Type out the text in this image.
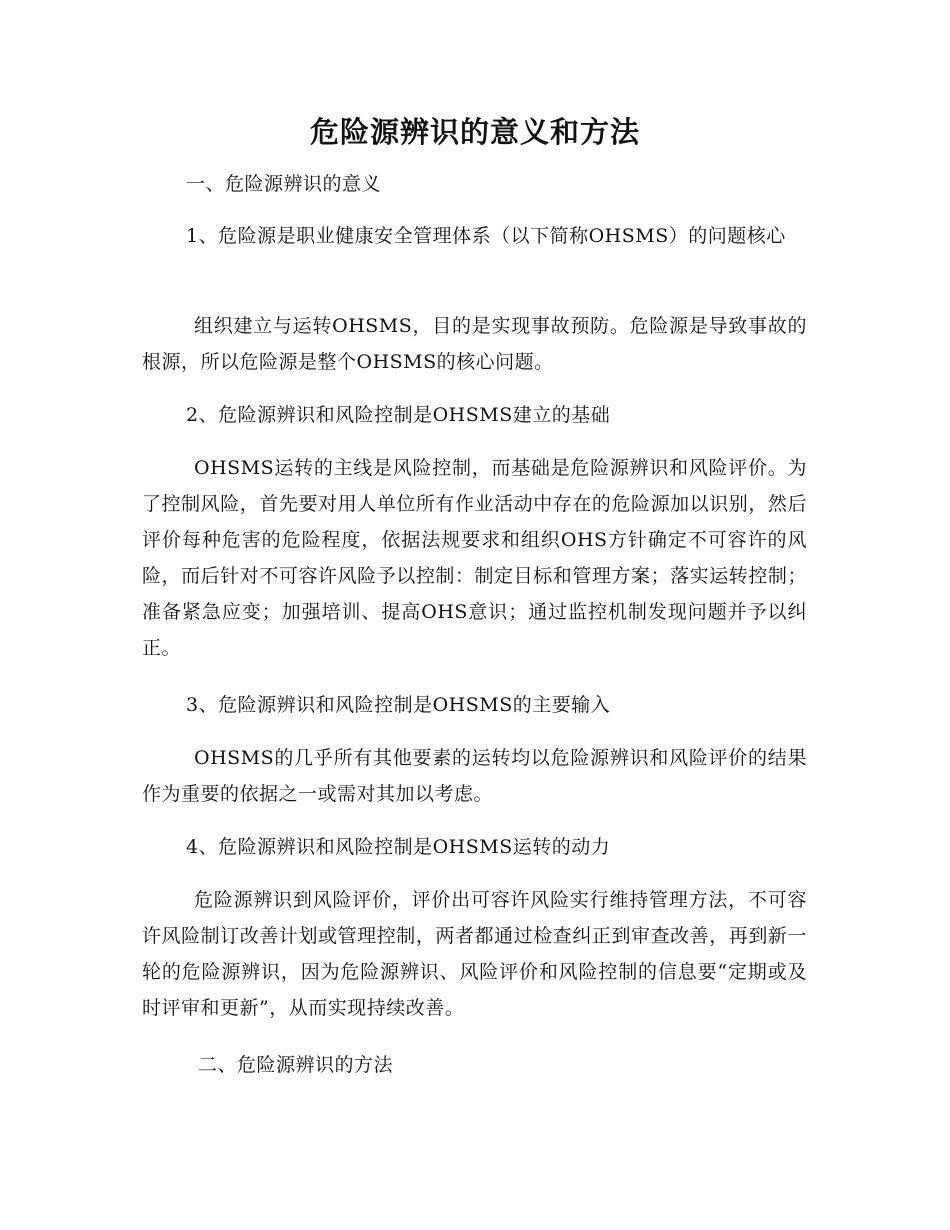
危险源辨识的意义和方法

一、危险源辨识的意义

1、危险源是职业健康安全管理体系（以下简称OHSMS）的问题核心

组织建立与运转OHSMS，目的是实现事故预防。危险源是导致事故的根源，所以危险源是整个OHSMS的核心问题。

2、危险源辨识和风险控制是OHSMS建立的基础

OHSMS运转的主线是风险控制，而基础是危险源辨识和风险评价。为了控制风险，首先要对用人单位所有作业活动中存在的危险源加以识别，然后评价每种危害的危险程度，依据法规要求和组织OHS方针确定不可容许的风险，而后针对不可容许风险予以控制：制定目标和管理方案；落实运转控制；准备紧急应变；加强培训、提高OHS意识；通过监控机制发现问题并予以纠正。

3、危险源辨识和风险控制是OHSMS的主要输入

OHSMS的几乎所有其他要素的运转均以危险源辨识和风险评价的结果作为重要的依据之一或需对其加以考虑。

4、危险源辨识和风险控制是OHSMS运转的动力

危险源辨识到风险评价，评价出可容许风险实行维持管理方法，不可容许风险制订改善计划或管理控制，两者都通过检查纠正到审查改善，再到新一轮的危险源辨识，因为危险源辨识、风险评价和风险控制的信息要“定期或及时评审和更新”，从而实现持续改善。

二、危险源辨识的方法
